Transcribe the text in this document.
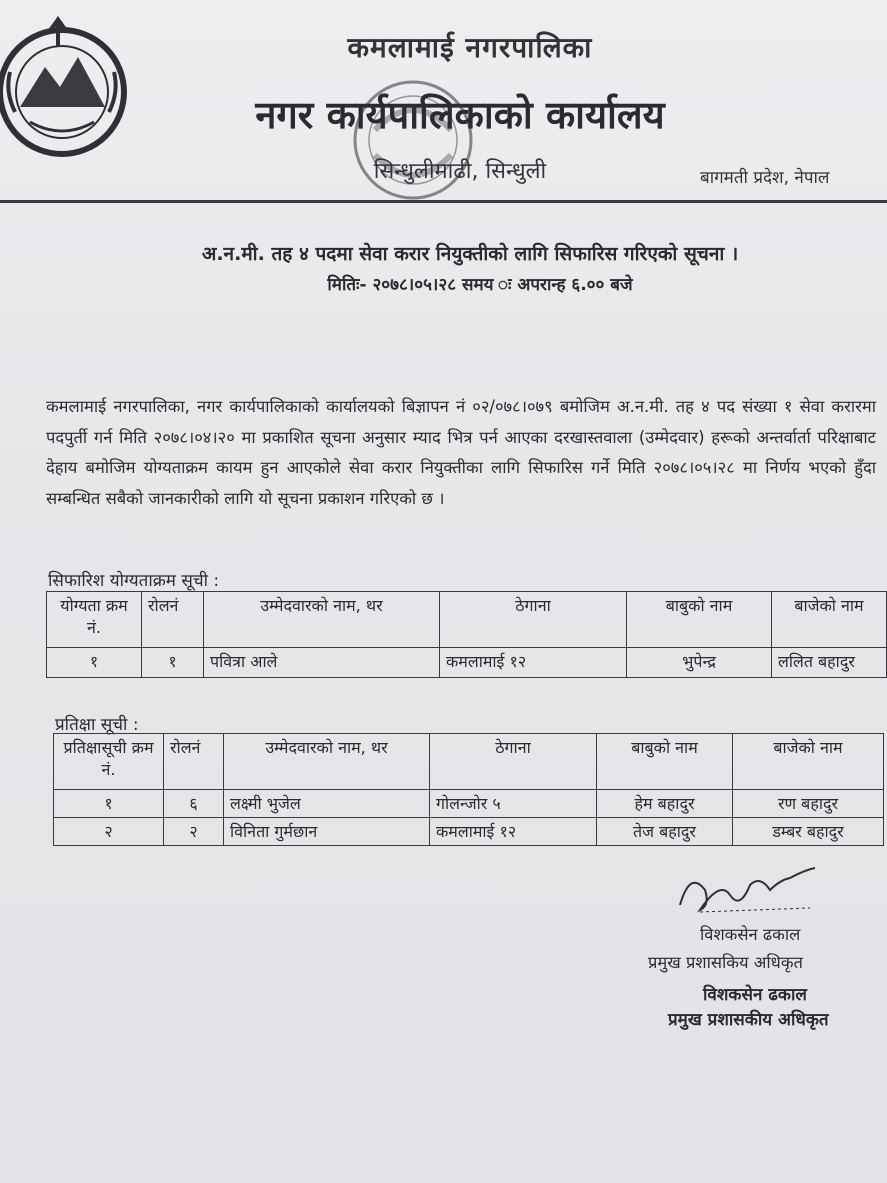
कमलामाई नगरपालिका
नगर कार्यपालिकाको कार्यालय
सिन्धुलीमाढी, सिन्धुली	बागमती प्रदेश, नेपाल
अ.न.मी. तह ४ पदमा सेवा करार नियुक्तीको लागि सिफारिस गरिएको सूचना ।
मितिः- २०७८।०५।२८ समय ः अपरान्ह ६.०० बजे
कमलामाई नगरपालिका, नगर कार्यपालिकाको कार्यालयको बिज्ञापन नं ०२/०७८।०७९ बमोजिम अ.न.मी. तह ४ पद संख्या १ सेवा करारमा पदपुर्ती गर्न मिति २०७८।०४।२० मा प्रकाशित सूचना अनुसार म्याद भित्र पर्न आएका दरखास्तवाला (उम्मेदवार) हरूको अन्तर्वार्ता परिक्षाबाट देहाय बमोजिम योग्यताक्रम कायम हुन आएकोले सेवा करार नियुक्तीका लागि सिफारिस गर्ने मिति २०७८।०५।२८ मा निर्णय भएको हुँदा सम्बन्धित सबैको जानकारीको लागि यो सूचना प्रकाशन गरिएको छ ।
सिफारिश योग्यताक्रम सूची :
योग्यता क्रम नं.	रोलनं	उम्मेदवारको नाम, थर	ठेगाना	बाबुको नाम	बाजेको नाम
१	१	पवित्रा आले	कमलामाई १२	भुपेन्द्र	ललित बहादुर
प्रतिक्षा सूची :
प्रतिक्षासूची क्रम नं.	रोलनं	उम्मेदवारको नाम, थर	ठेगाना	बाबुको नाम	बाजेको नाम
१	६	लक्ष्मी भुजेल	गोलन्जोर ५	हेम बहादुर	रण बहादुर
२	२	विनिता गुर्मछान	कमलामाई १२	तेज बहादुर	डम्बर बहादुर
विशकसेन ढकाल
प्रमुख प्रशासकिय अधिकृत
विशकसेन ढकाल
प्रमुख प्रशासकीय अधिकृत
